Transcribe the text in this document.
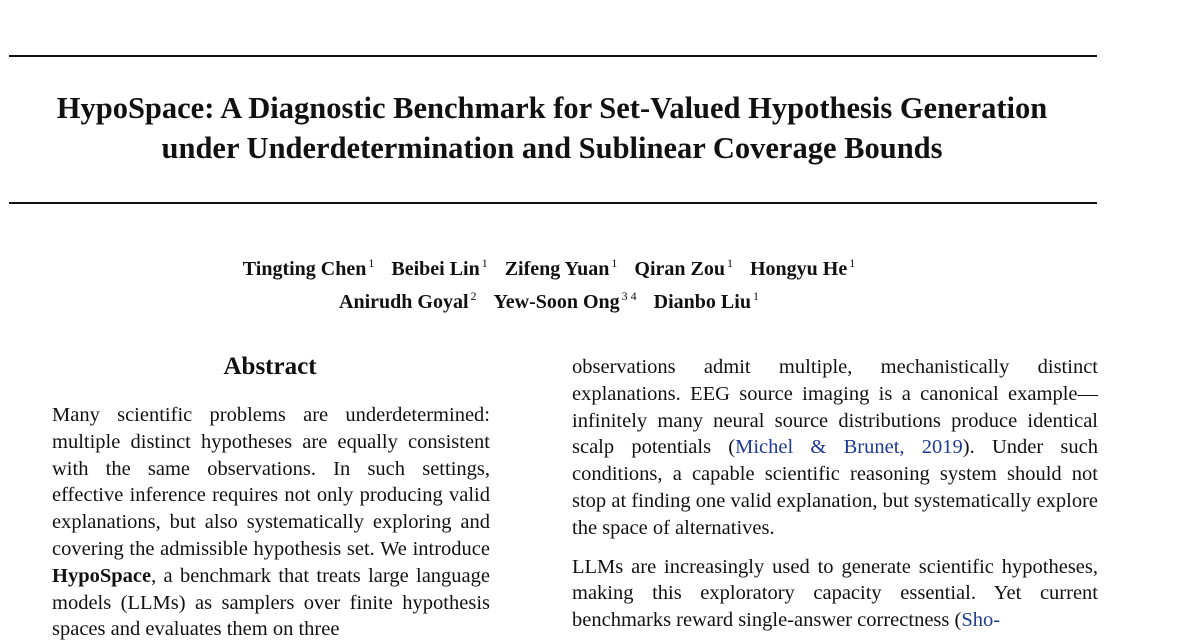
HypoSpace: A Diagnostic Benchmark for Set-Valued Hypothesis Generation
under Underdetermination and Sublinear Coverage Bounds
Tingting Chen $^1$ Beibei Lin $^1$ Zifeng Yuan $^1$ Qiran Zou $^1$ Hongyu He $^1$
Anirudh Goyal $^2$ Yew-Soon Ong $^{3 4}$ Dianbo Liu $^1$
Abstract

Many scientific problems are underdetermined: multiple distinct hypotheses are equally consistent with the same observations. In such settings, effective inference requires not only producing valid explanations, but also systematically exploring and covering the admissible hypothesis set. We introduce HypoSpace, a benchmark that treats large language models (LLMs) as samplers over finite hypothesis spaces and evaluates them on three

observations admit multiple, mechanistically distinct explanations. EEG source imaging is a canonical example—infinitely many neural source distributions produce identical scalp potentials (Michel & Brunet, 2019). Under such conditions, a capable scientific reasoning system should not stop at finding one valid explanation, but systematically explore the space of alternatives.

LLMs are increasingly used to generate scientific hypotheses, making this exploratory capacity essential. Yet current benchmarks reward single-answer correctness (Sho-
